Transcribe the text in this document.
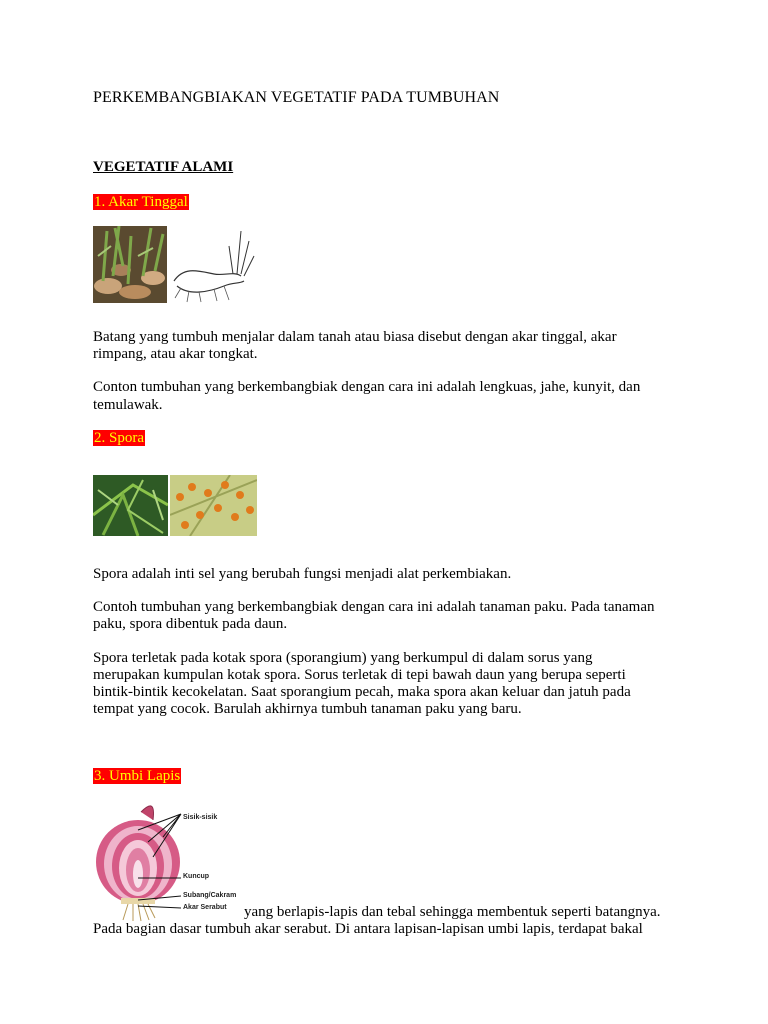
PERKEMBANGBIAKAN VEGETATIF PADA TUMBUHAN
VEGETATIF ALAMI
1. Akar Tinggal
Batang yang tumbuh menjalar dalam tanah atau biasa disebut dengan akar tinggal, akar
rimpang, atau akar tongkat.
Conton tumbuhan yang berkembangbiak dengan cara ini adalah lengkuas, jahe, kunyit, dan
temulawak.
2. Spora
Spora adalah inti sel yang berubah fungsi menjadi alat perkembiakan.
Contoh tumbuhan yang berkembangbiak dengan cara ini adalah tanaman paku. Pada tanaman
paku, spora dibentuk pada daun.
Spora terletak pada kotak spora (sporangium) yang berkumpul di dalam sorus yang
merupakan kumpulan kotak spora. Sorus terletak di tepi bawah daun yang berupa seperti
bintik-bintik kecokelatan. Saat sporangium pecah, maka spora akan keluar dan jatuh pada
tempat yang cocok. Barulah akhirnya tumbuh tanaman paku yang baru.
3. Umbi Lapis
Sisik-sisik
Kuncup
Subang/Cakram
Akar Serabut yang berlapis-lapis dan tebal sehingga membentuk seperti batangnya.
Pada bagian dasar tumbuh akar serabut. Di antara lapisan-lapisan umbi lapis, terdapat bakal
